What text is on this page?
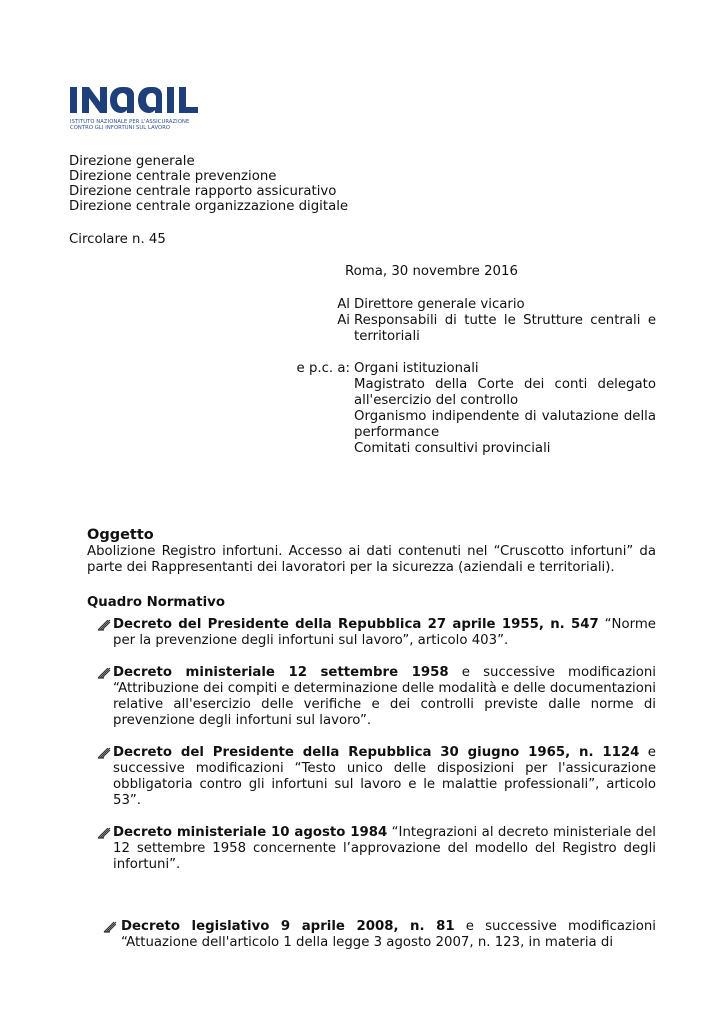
ISTITUTO NAZIONALE PER L'ASSICURAZIONE
CONTRO GLI INFORTUNI SUL LAVORO
Direzione generale
Direzione centrale prevenzione
Direzione centrale rapporto assicurativo
Direzione centrale organizzazione digitale
Circolare n. 45
Roma, 30 novembre 2016
Al Direttore generale vicario
Ai Responsabili di tutte le Strutture centrali e territoriali
e p.c. a: Organi istituzionali
Magistrato della Corte dei conti delegato all'esercizio del controllo
Organismo indipendente di valutazione della performance
Comitati consultivi provinciali
Oggetto
Abolizione Registro infortuni. Accesso ai dati contenuti nel “Cruscotto infortuni” da parte dei Rappresentanti dei lavoratori per la sicurezza (aziendali e territoriali).
Quadro Normativo
Decreto del Presidente della Repubblica 27 aprile 1955, n. 547 “Norme per la prevenzione degli infortuni sul lavoro”, articolo 403”.
Decreto ministeriale 12 settembre 1958 e successive modificazioni “Attribuzione dei compiti e determinazione delle modalità e delle documentazioni relative all'esercizio delle verifiche e dei controlli previste dalle norme di prevenzione degli infortuni sul lavoro”.
Decreto del Presidente della Repubblica 30 giugno 1965, n. 1124 e successive modificazioni “Testo unico delle disposizioni per l'assicurazione obbligatoria contro gli infortuni sul lavoro e le malattie professionali”, articolo 53”.
Decreto ministeriale 10 agosto 1984 “Integrazioni al decreto ministeriale del 12 settembre 1958 concernente l’approvazione del modello del Registro degli infortuni”.
Decreto legislativo 9 aprile 2008, n. 81 e successive modificazioni “Attuazione dell'articolo 1 della legge 3 agosto 2007, n. 123, in materia di
